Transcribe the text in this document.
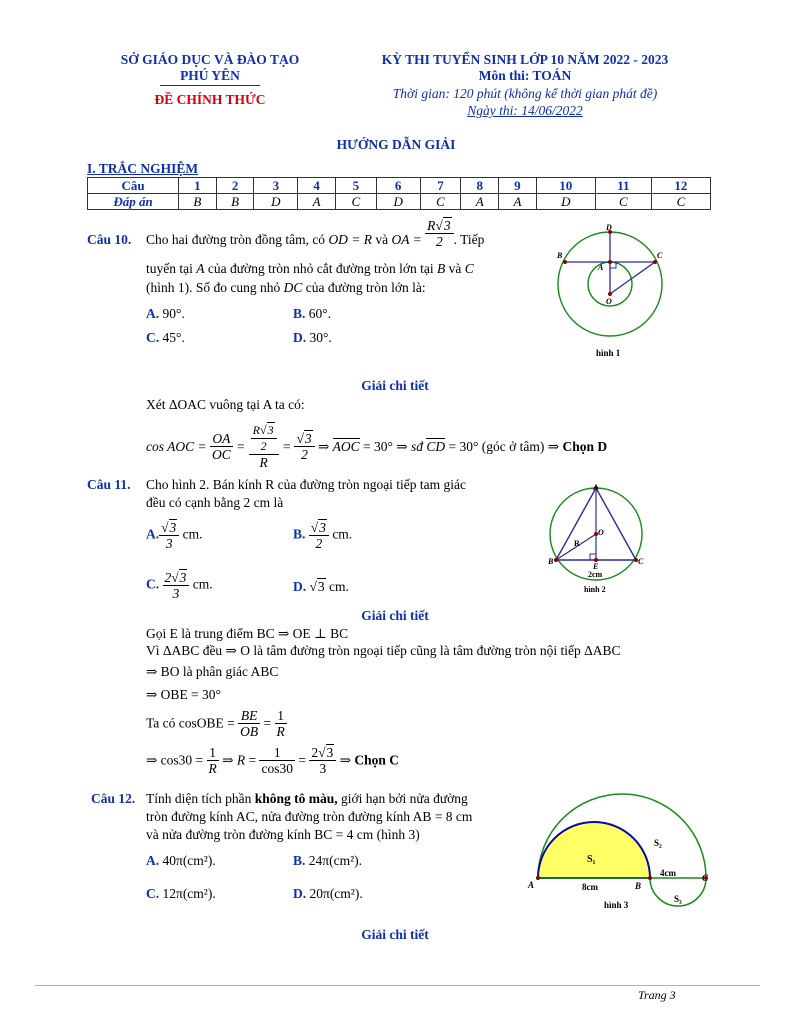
SỞ GIÁO DỤC VÀ ĐÀO TẠO
PHÚ YÊN
ĐỀ CHÍNH THỨC
KỲ THI TUYỂN SINH LỚP 10 NĂM 2022 - 2023
Môn thi: TOÁN
Thời gian: 120 phút (không kể thời gian phát đề)
Ngày thi: 14/06/2022
HƯỚNG DẪN GIẢI
I. TRẮC NGHIỆM
Câu	1	2	3	4	5	6	7	8	9	10	11	12
Đáp án	B	B	D	A	C	D	C	A	A	D	C	C
Câu 10. Cho hai đường tròn đồng tâm, có OD = R và OA = $\frac{R√3}{2}$ . Tiếp
tuyến tại A của đường tròn nhỏ cắt đường tròn lớn tại B và C
(hình 1). Số đo cung nhỏ DC của đường tròn lớn là:
A. 90°.	B. 60°.
C. 45°.	D. 30°.
D
B	C
A
O
hình 1
Giải chi tiết
Xét ΔOAC vuông tại A ta có:
cos AOC = $\frac{OA}{OC} = \frac{\frac{R√3}{2}}{R} = \frac{√3}{2}$ ⇒ AOC = 30° ⇒ sđ CD = 30° (góc ở tâm) ⇒ Chọn D
Câu 11. Cho hình 2. Bán kính R của đường tròn ngoại tiếp tam giác
đều có cạnh bằng 2 cm là
A. $\frac{√3}{3}$ cm.	B. $\frac{√3}{2}$ cm.
C. $\frac{2√3}{3}$ cm.	D. √3 cm.
A
B	C
O
R
E
2cm
hình 2
Giải chi tiết
Gọi E là trung điểm BC ⇒ OE ⊥ BC
Vì ΔABC đều ⇒ O là tâm đường tròn ngoại tiếp cũng là tâm đường tròn nội tiếp ΔABC
⇒ BO là phân giác ABC
⇒ OBE = 30°
Ta có cosOBE = $\frac{BE}{OB} = \frac{1}{R}$
⇒ $\cos 30 = \frac{1}{R}$ ⇒ $R = \frac{1}{\cos 30} = \frac{2√3}{3}$ ⇒ Chọn C
Câu 12. Tính diện tích phần không tô màu, giới hạn bởi nửa đường
tròn đường kính AC, nửa đường tròn đường kính AB = 8 cm
và nửa đường tròn đường kính BC = 4 cm (hình 3)
A. 40π(cm²).	B. 24π(cm²).
C. 12π(cm²).	D. 20π(cm²).
S₁
S₂
S₃
A	B
C
8cm
4cm
hình 3
Giải chi tiết
Trang 3
